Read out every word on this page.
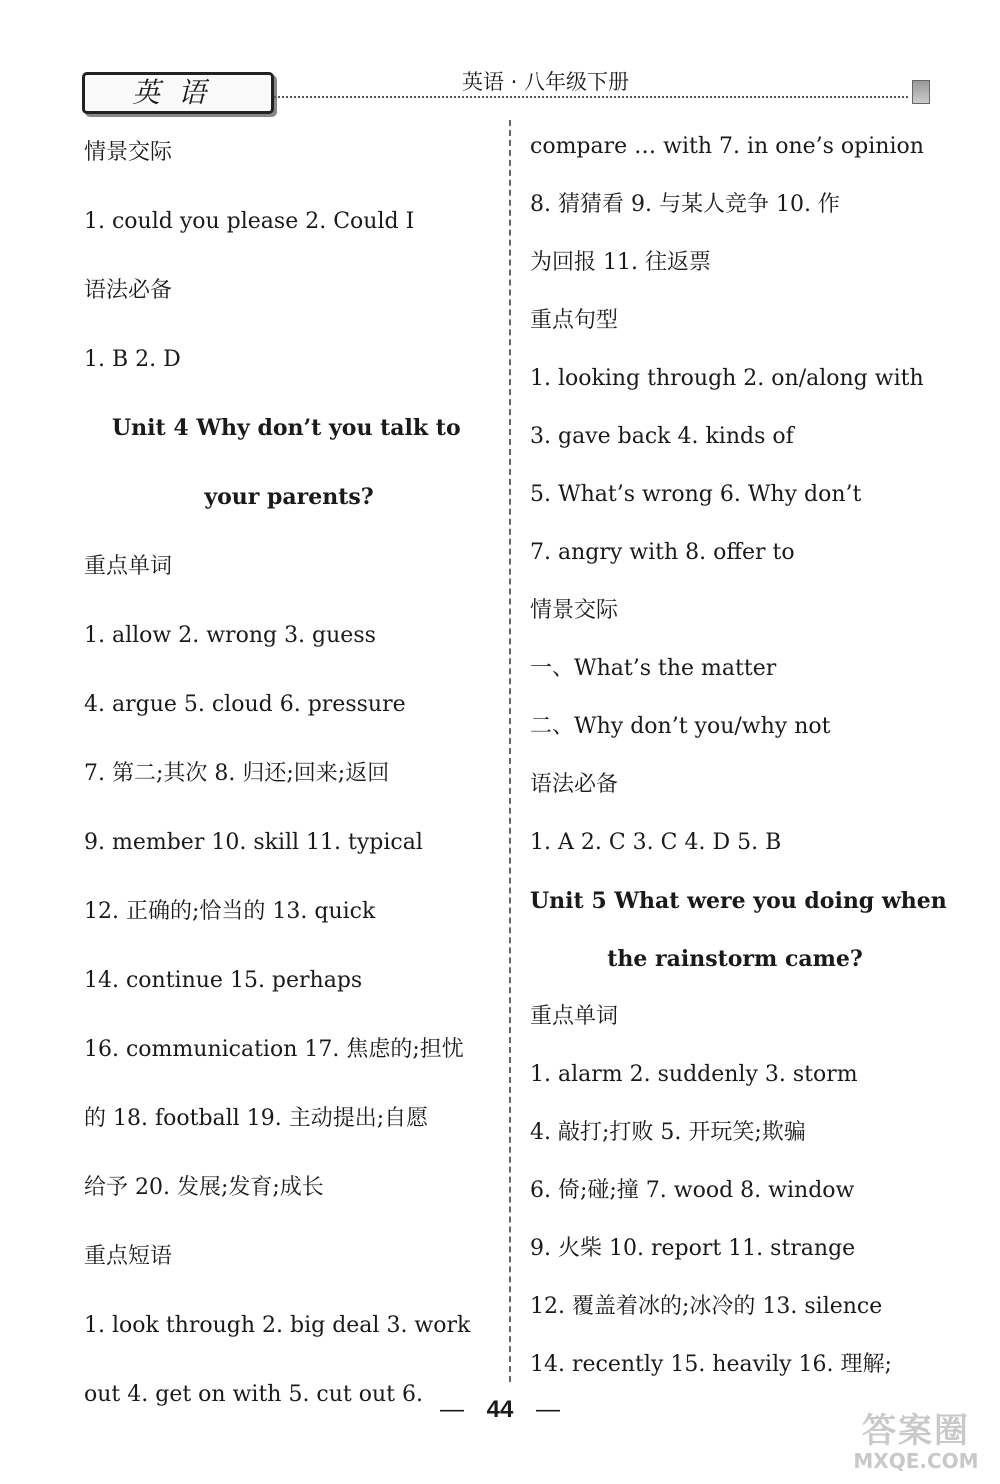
英语	英语 · 八年级下册
情景交际
1. could you please 2. Could I
语法必备
1. B 2. D
Unit 4 Why don’t you talk to
your parents?
重点单词
1. allow 2. wrong 3. guess
4. argue 5. cloud 6. pressure
7. 第二;其次 8. 归还;回来;返回
9. member 10. skill 11. typical
12. 正确的;恰当的 13. quick
14. continue 15. perhaps
16. communication 17. 焦虑的;担忧
的 18. football 19. 主动提出;自愿
给予 20. 发展;发育;成长
重点短语
1. look through 2. big deal 3. work
out 4. get on with 5. cut out 6.
compare … with 7. in one’s opinion
8. 猜猜看 9. 与某人竞争 10. 作
为回报 11. 往返票
重点句型
1. looking through 2. on/along with
3. gave back 4. kinds of
5. What’s wrong 6. Why don’t
7. angry with 8. offer to
情景交际
一、What’s the matter
二、Why don’t you/why not
语法必备
1. A 2. C 3. C 4. D 5. B
Unit 5 What were you doing when
the rainstorm came?
重点单词
1. alarm 2. suddenly 3. storm
4. 敲打;打败 5. 开玩笑;欺骗
6. 倚;碰;撞 7. wood 8. window
9. 火柴 10. report 11. strange
12. 覆盖着冰的;冰冷的 13. silence
14. recently 15. heavily 16. 理解;
— 44 —
答案圈
MXQE.COM
